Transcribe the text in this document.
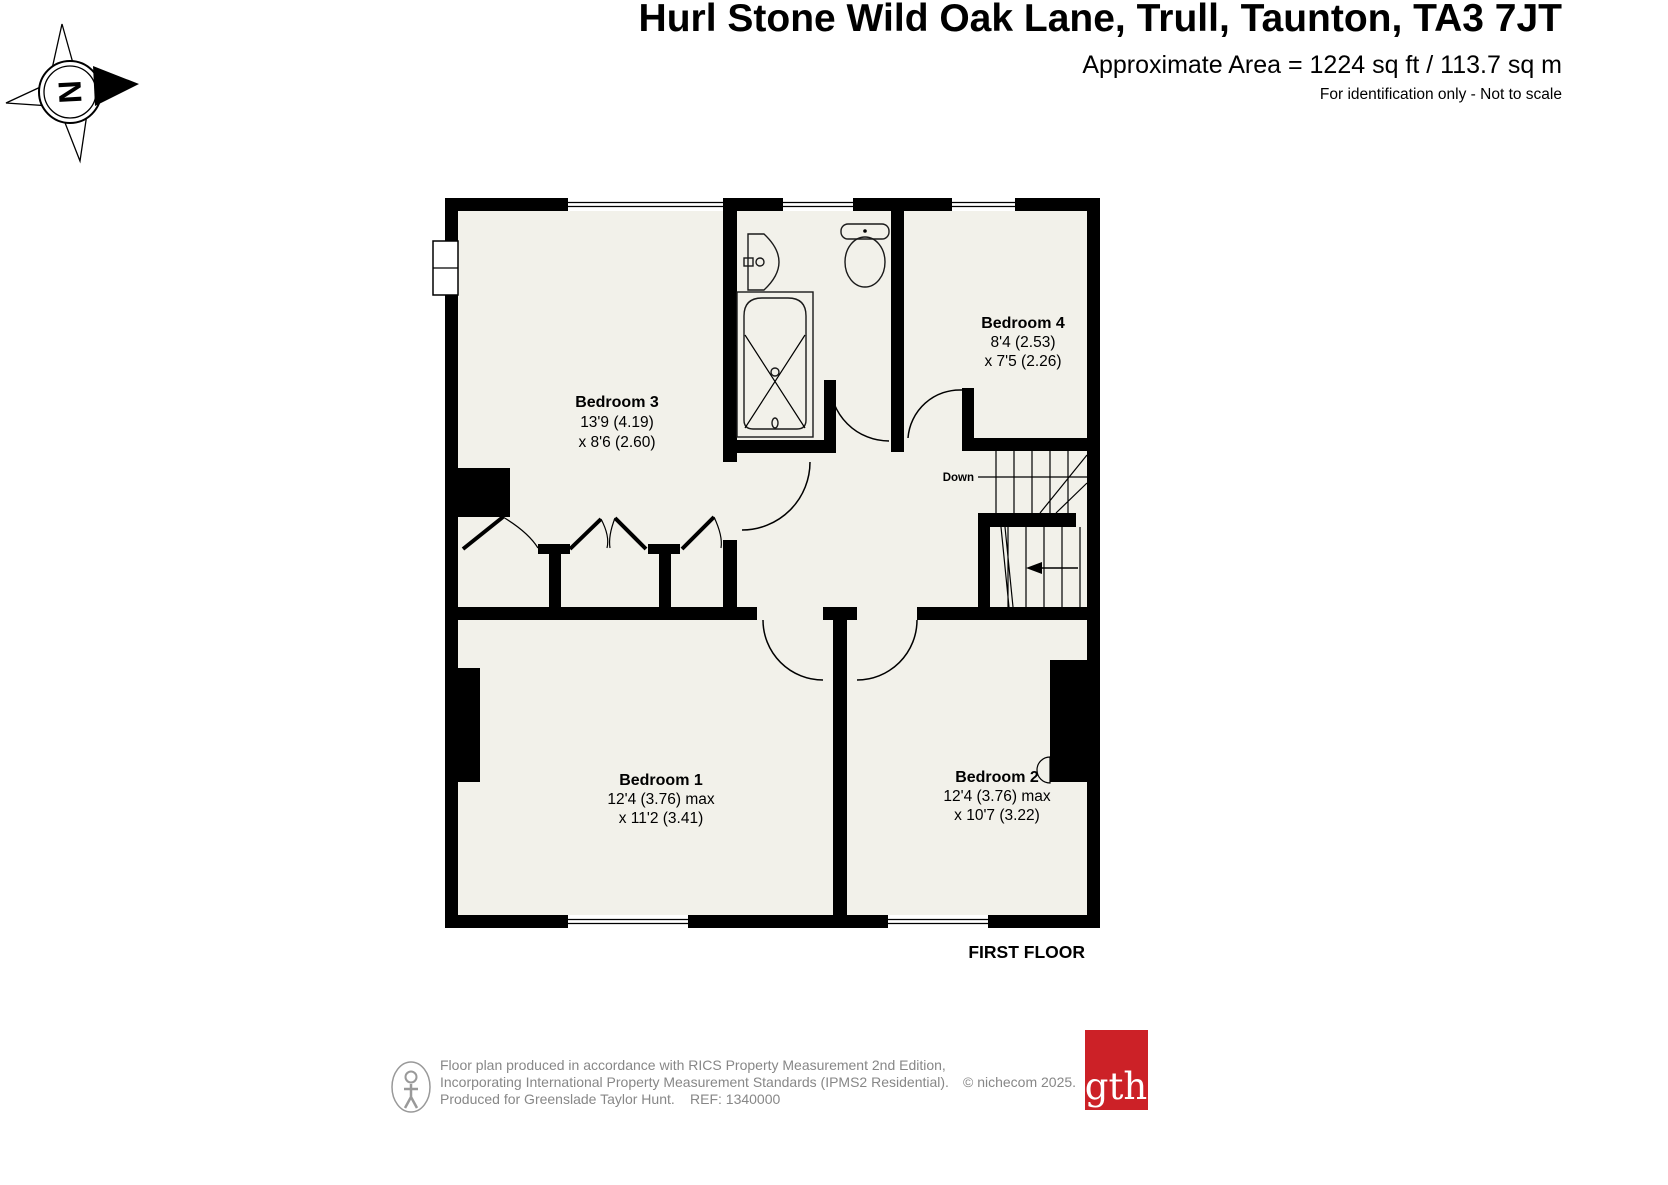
Hurl Stone Wild Oak Lane, Trull, Taunton, TA3 7JT
Approximate Area = 1224 sq ft / 113.7 sq m
For identification only - Not to scale
N
Down
Bedroom 3
13'9 (4.19)
x 8'6 (2.60)
Bedroom 4
8'4 (2.53)
x 7'5 (2.26)
Bedroom 1
12'4 (3.76) max
x 11'2 (3.41)
Bedroom 2
12'4 (3.76) max
x 10'7 (3.22)
FIRST FLOOR
Floor plan produced in accordance with RICS Property Measurement 2nd Edition,
Incorporating International Property Measurement Standards (IPMS2 Residential). © nichecom 2025.
Produced for Greenslade Taylor Hunt. REF: 1340000	gth
